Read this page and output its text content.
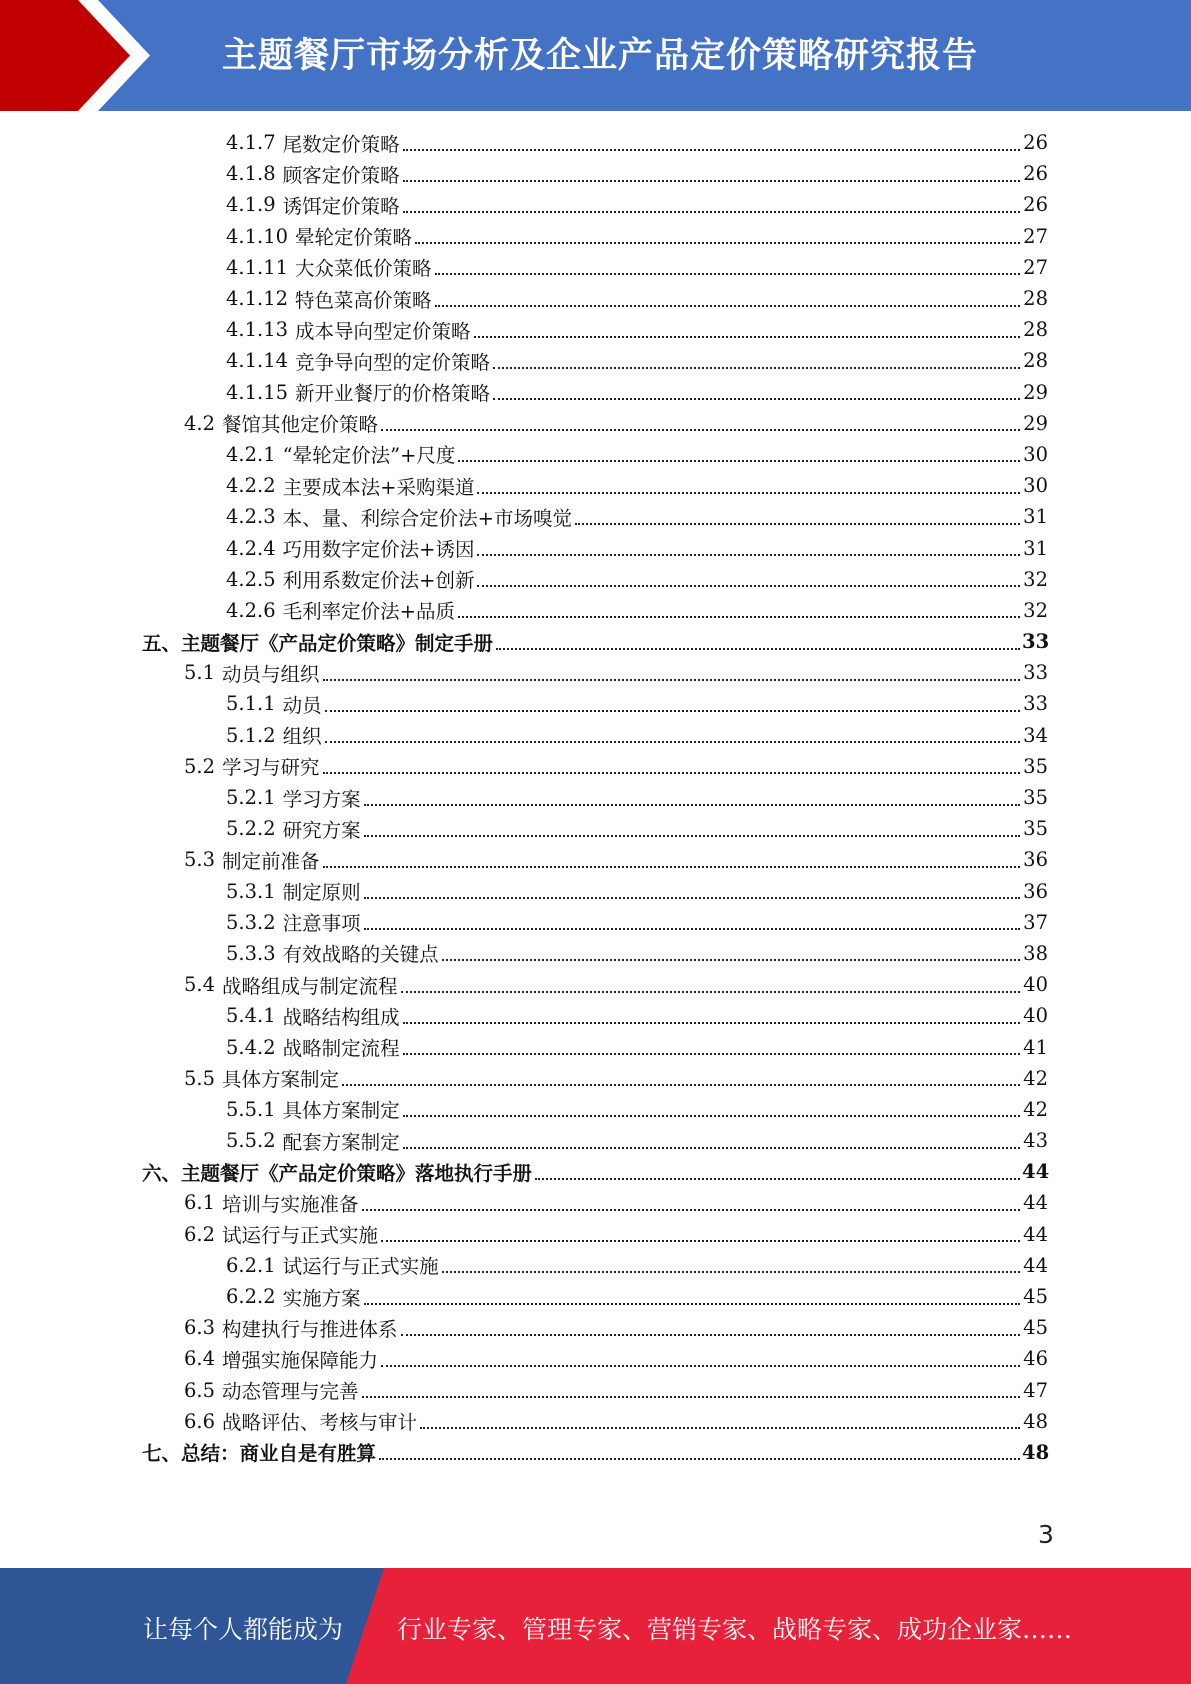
主题餐厅市场分析及企业产品定价策略研究报告
4.1.7 尾数定价策略	26
4.1.8 顾客定价策略	26
4.1.9 诱饵定价策略	26
4.1.10 晕轮定价策略	27
4.1.11 大众菜低价策略	27
4.1.12 特色菜高价策略	28
4.1.13 成本导向型定价策略	28
4.1.14 竞争导向型的定价策略	28
4.1.15 新开业餐厅的价格策略	29
4.2 餐馆其他定价策略	29
4.2.1 “晕轮定价法”+尺度	30
4.2.2 主要成本法+采购渠道	30
4.2.3 本、量、利综合定价法+市场嗅觉	31
4.2.4 巧用数字定价法+诱因	31
4.2.5 利用系数定价法+创新	32
4.2.6 毛利率定价法+品质	32
五、 主题餐厅《产品定价策略》制定手册	33
5.1 动员与组织	33
5.1.1 动员	33
5.1.2 组织	34
5.2 学习与研究	35
5.2.1 学习方案	35
5.2.2 研究方案	35
5.3 制定前准备	36
5.3.1 制定原则	36
5.3.2 注意事项	37
5.3.3 有效战略的关键点	38
5.4 战略组成与制定流程	40
5.4.1 战略结构组成	40
5.4.2 战略制定流程	41
5.5 具体方案制定	42
5.5.1 具体方案制定	42
5.5.2 配套方案制定	43
六、 主题餐厅《产品定价策略》落地执行手册	44
6.1 培训与实施准备	44
6.2 试运行与正式实施	44
6.2.1 试运行与正式实施	44
6.2.2 实施方案	45
6.3 构建执行与推进体系	45
6.4 增强实施保障能力	46
6.5 动态管理与完善	47
6.6 战略评估、考核与审计	48
七、 总结：商业自是有胜算	48
3
让每个人都能成为 行业专家、管理专家、营销专家、战略专家、成功企业家……
